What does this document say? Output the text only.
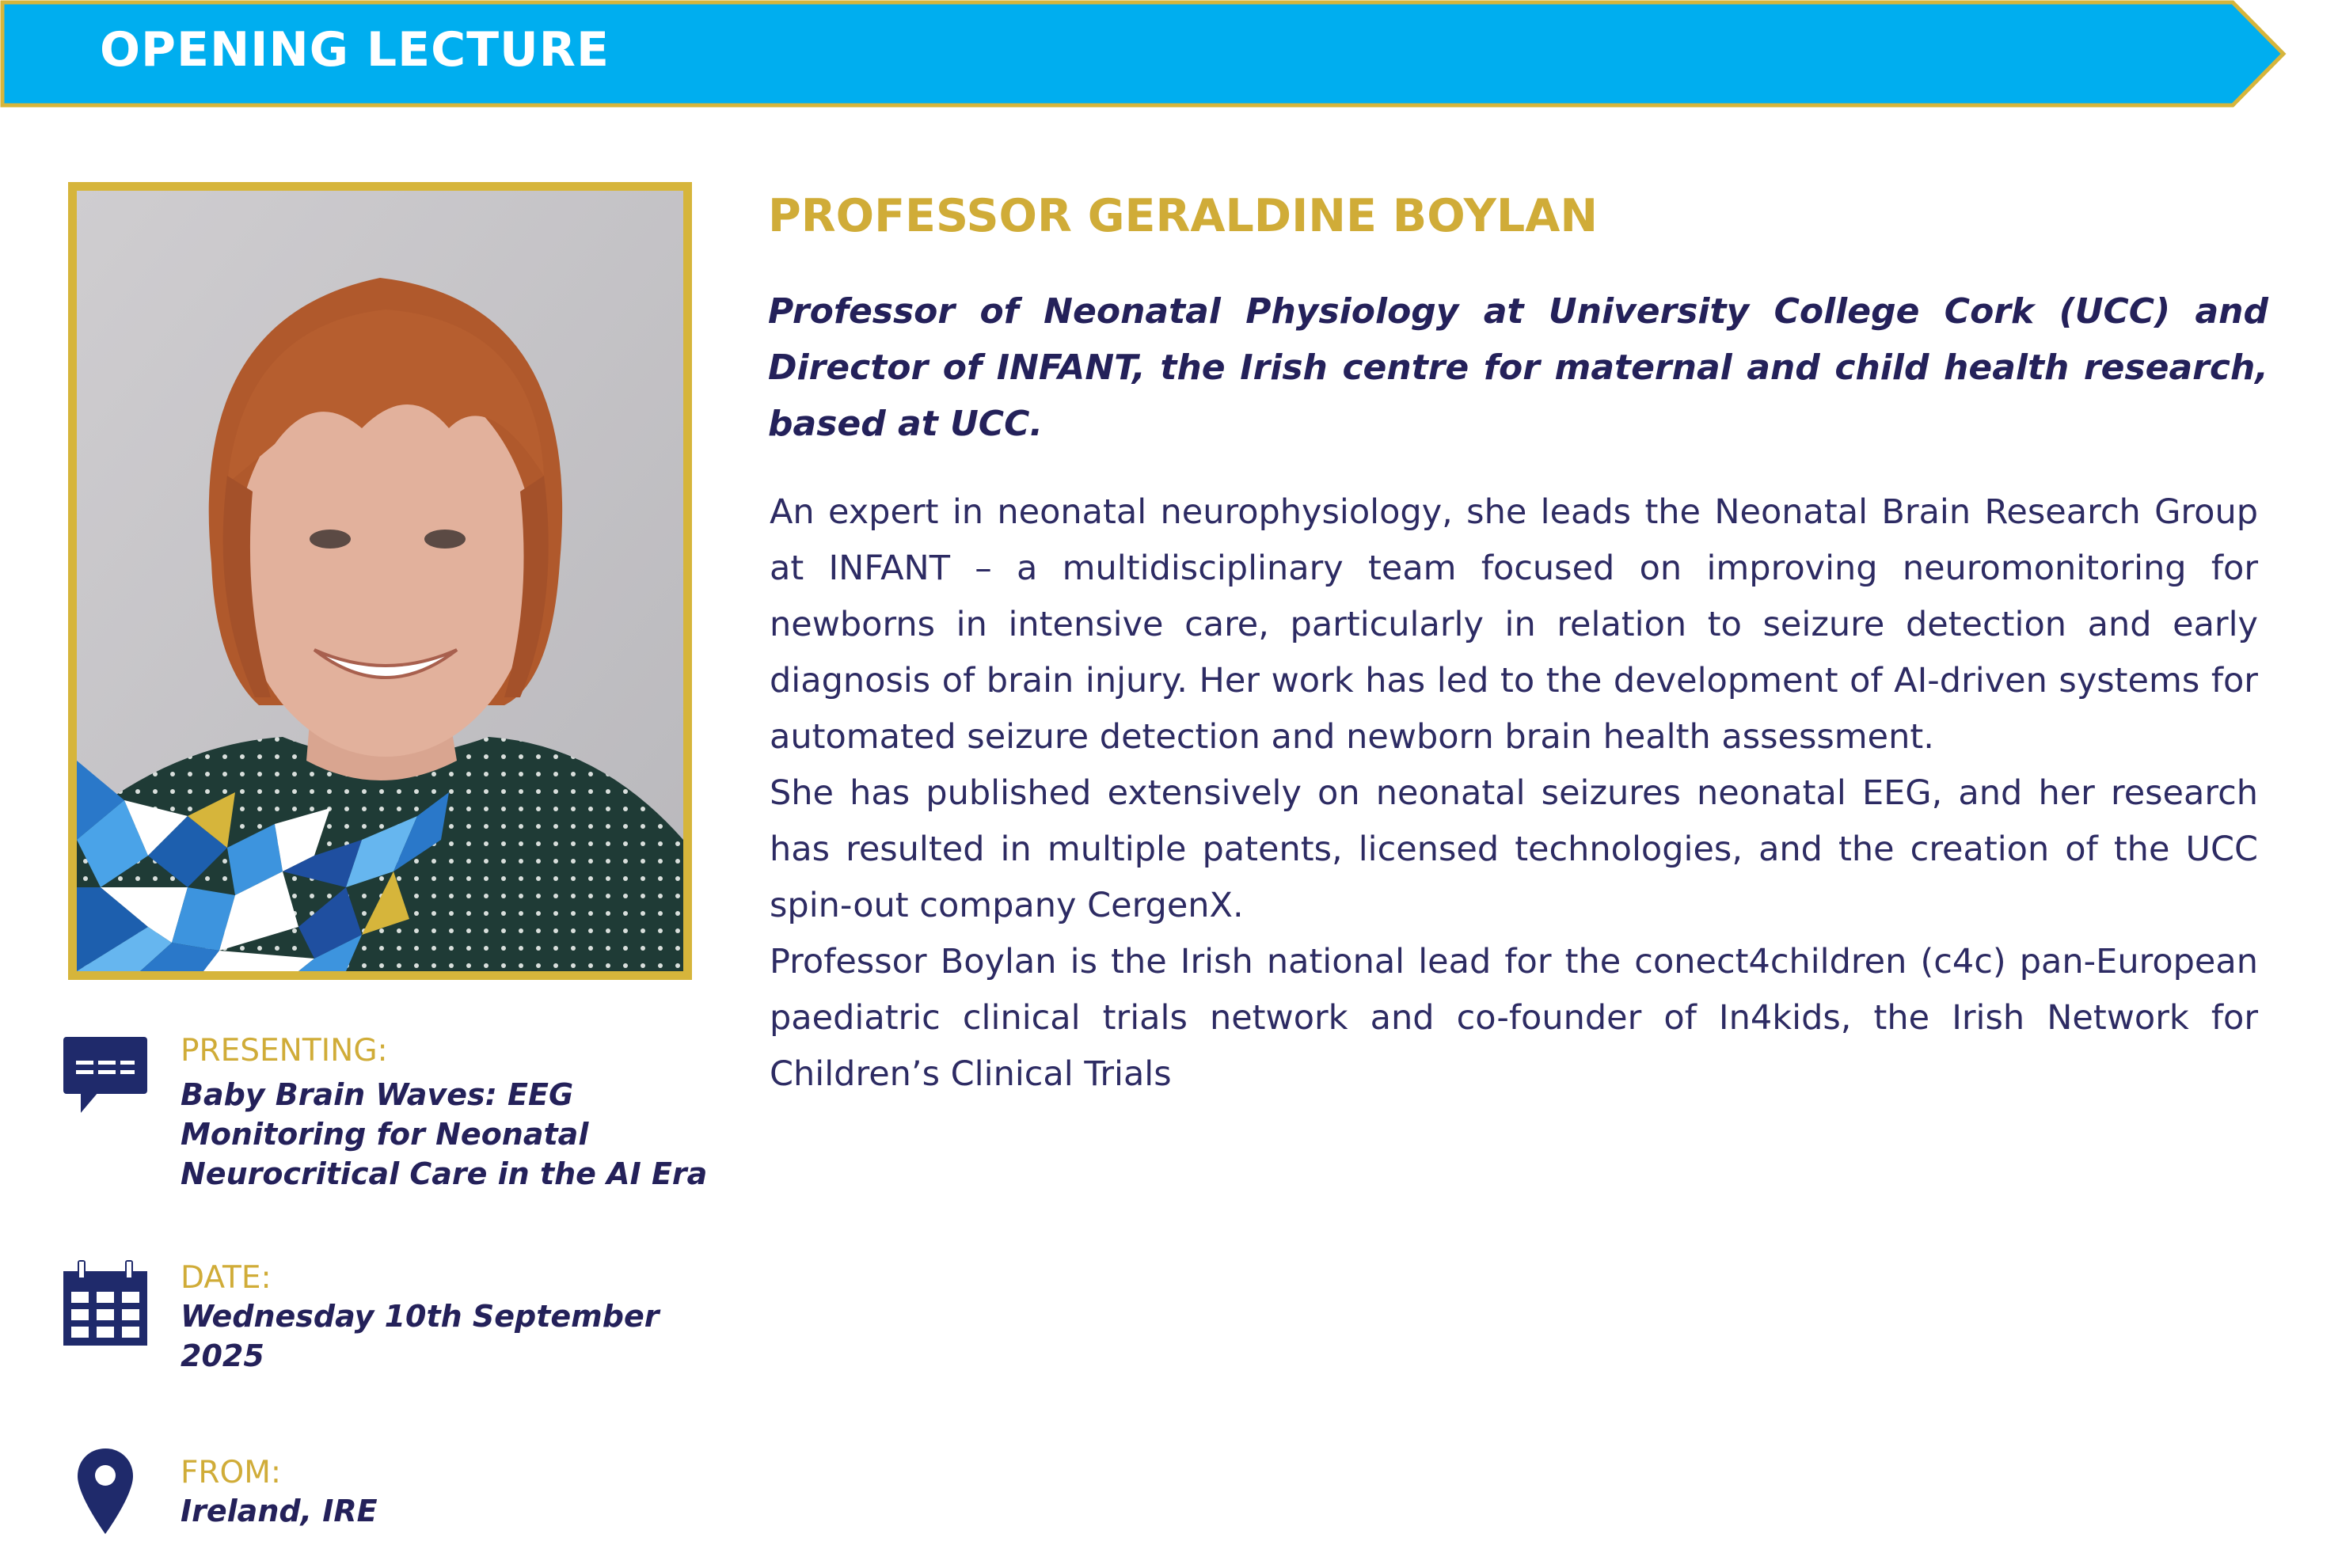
OPENING LECTURE
PROFESSOR GERALDINE BOYLAN
Professor of Neonatal Physiology at University College Cork (UCC) and Director of INFANT, the Irish centre for maternal and child health research, based at UCC.

An expert in neonatal neurophysiology, she leads the Neonatal Brain Research Group at INFANT – a multidisciplinary team focused on improving neuromonitoring for newborns in intensive care, particularly in relation to seizure detection and early diagnosis of brain injury. Her work has led to the development of AI-driven systems for automated seizure detection and newborn brain health assessment.

She has published extensively on neonatal seizures neonatal EEG, and her research has resulted in multiple patents, licensed technologies, and the creation of the UCC spin-out company CergenX.

Professor Boylan is the Irish national lead for the conect4children (c4c) pan-European paediatric clinical trials network and co-founder of In4kids, the Irish Network for Children’s Clinical Trials

PRESENTING:
Baby Brain Waves: EEG Monitoring for Neonatal Neurocritical Care in the AI Era
DATE:
Wednesday 10th September 2025
FROM:
Ireland, IRE
